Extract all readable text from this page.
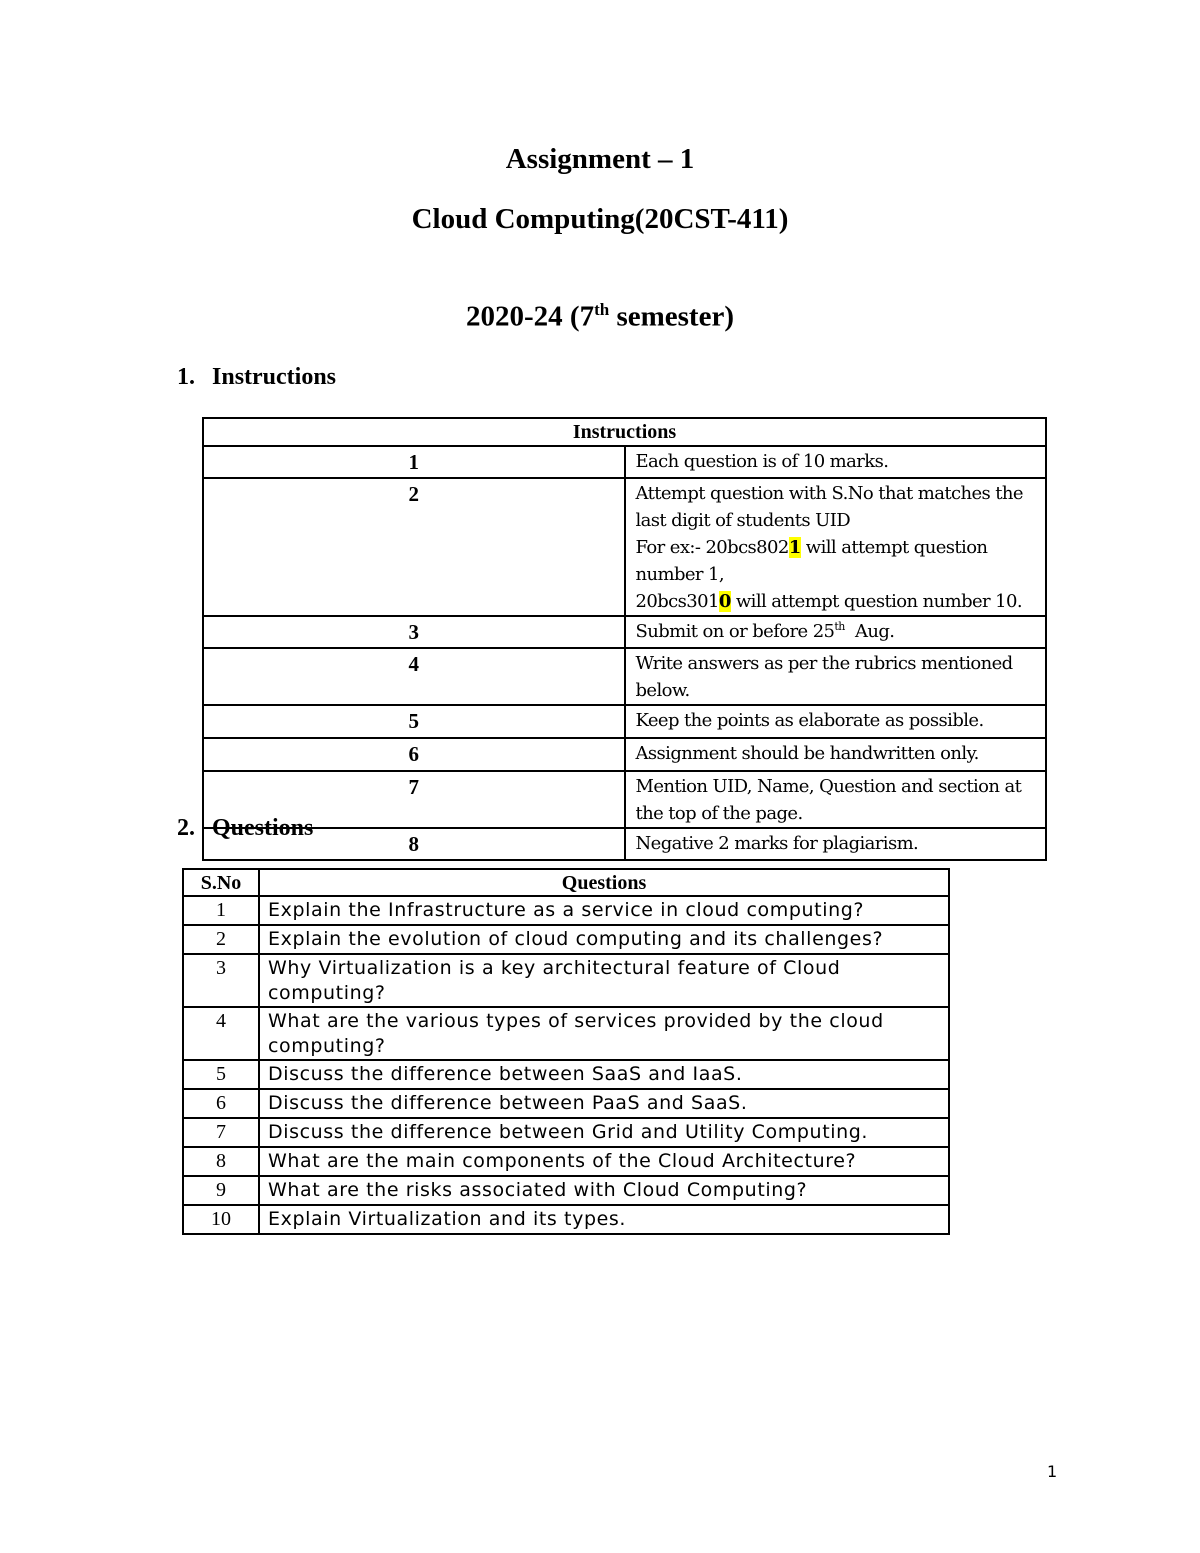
Assignment – 1
Cloud Computing(20CST-411)
2020-24 (7th semester)
1. Instructions
Instructions	
1	Each question is of 10 marks.
2	Attempt question with S.No that matches the last digit of students UID
For ex:- 20bcs8021 will attempt question number 1,
20bcs3010 will attempt question number 10.

3	Submit on or before 25th  Aug.
4	Write answers as per the rubrics mentioned below.
5	Keep the points as elaborate as possible.
6	Assignment should be handwritten only.
7	Mention UID, Name, Question and section at the top of the page.
8	Negative 2 marks for plagiarism.
2. Questions
S.No	Questions
1	Explain the Infrastructure as a service in cloud computing?
2	Explain the evolution of cloud computing and its challenges?
3	Why Virtualization is a key architectural feature of Cloud computing?
4	What are the various types of services provided by the cloud computing?
5	Discuss the difference between SaaS and IaaS.
6	Discuss the difference between PaaS and SaaS.
7	Discuss the difference between Grid and Utility Computing.
8	What are the main components of the Cloud Architecture?
9	What are the risks associated with Cloud Computing?
10	Explain Virtualization and its types.
1
